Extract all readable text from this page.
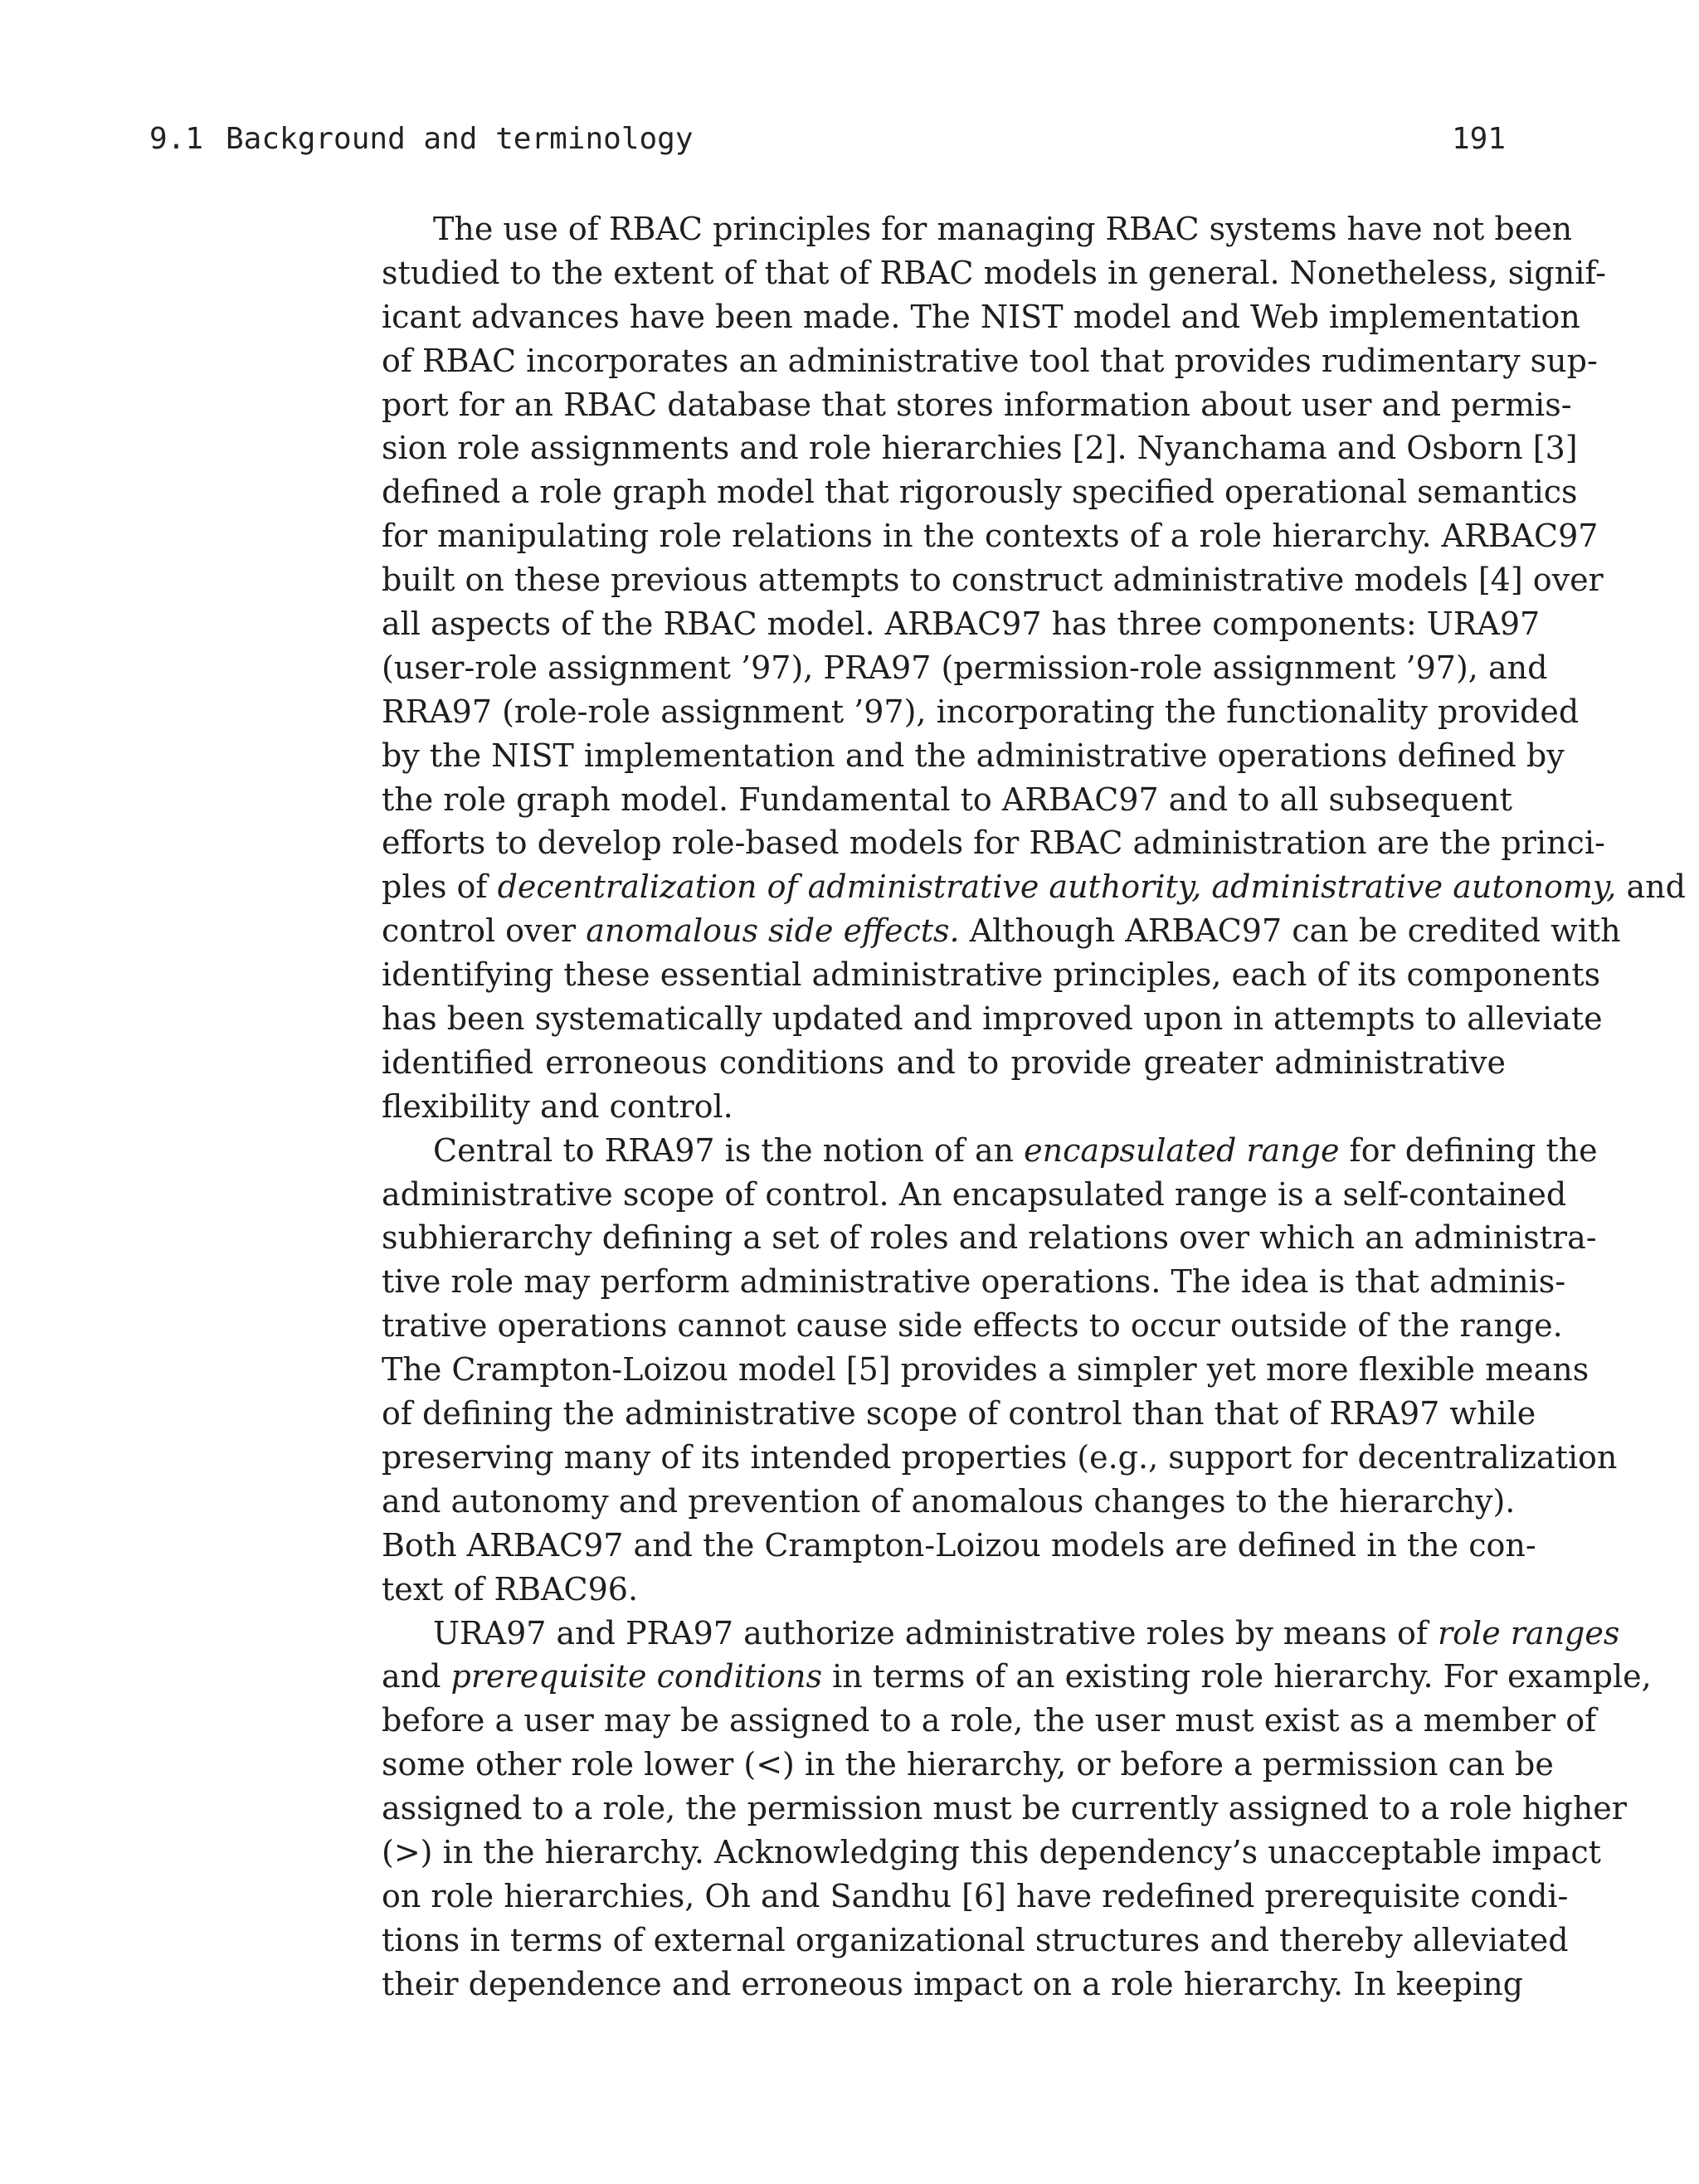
9.1 Background and terminology	191
The use of RBAC principles for managing RBAC systems have not been
studied to the extent of that of RBAC models in general. Nonetheless, signif-
icant advances have been made. The NIST model and Web implementation
of RBAC incorporates an administrative tool that provides rudimentary sup-
port for an RBAC database that stores information about user and permis-
sion role assignments and role hierarchies [2]. Nyanchama and Osborn [3]
defined a role graph model that rigorously specified operational semantics
for manipulating role relations in the contexts of a role hierarchy. ARBAC97
built on these previous attempts to construct administrative models [4] over
all aspects of the RBAC model. ARBAC97 has three components: URA97
(user-role assignment ’97), PRA97 (permission-role assignment ’97), and
RRA97 (role-role assignment ’97), incorporating the functionality provided
by the NIST implementation and the administrative operations defined by
the role graph model. Fundamental to ARBAC97 and to all subsequent
efforts to develop role-based models for RBAC administration are the princi-
ples of decentralization of administrative authority, administrative autonomy, and
control over anomalous side effects. Although ARBAC97 can be credited with
identifying these essential administrative principles, each of its components
has been systematically updated and improved upon in attempts to alleviate
identified erroneous conditions and to provide greater administrative
flexibility and control.
Central to RRA97 is the notion of an encapsulated range for defining the
administrative scope of control. An encapsulated range is a self-contained
subhierarchy defining a set of roles and relations over which an administra-
tive role may perform administrative operations. The idea is that adminis-
trative operations cannot cause side effects to occur outside of the range.
The Crampton-Loizou model [5] provides a simpler yet more flexible means
of defining the administrative scope of control than that of RRA97 while
preserving many of its intended properties (e.g., support for decentralization
and autonomy and prevention of anomalous changes to the hierarchy).
Both ARBAC97 and the Crampton-Loizou models are defined in the con-
text of RBAC96.
URA97 and PRA97 authorize administrative roles by means of role ranges
and prerequisite conditions in terms of an existing role hierarchy. For example,
before a user may be assigned to a role, the user must exist as a member of
some other role lower (<) in the hierarchy, or before a permission can be
assigned to a role, the permission must be currently assigned to a role higher
(>) in the hierarchy. Acknowledging this dependency’s unacceptable impact
on role hierarchies, Oh and Sandhu [6] have redefined prerequisite condi-
tions in terms of external organizational structures and thereby alleviated
their dependence and erroneous impact on a role hierarchy. In keeping
